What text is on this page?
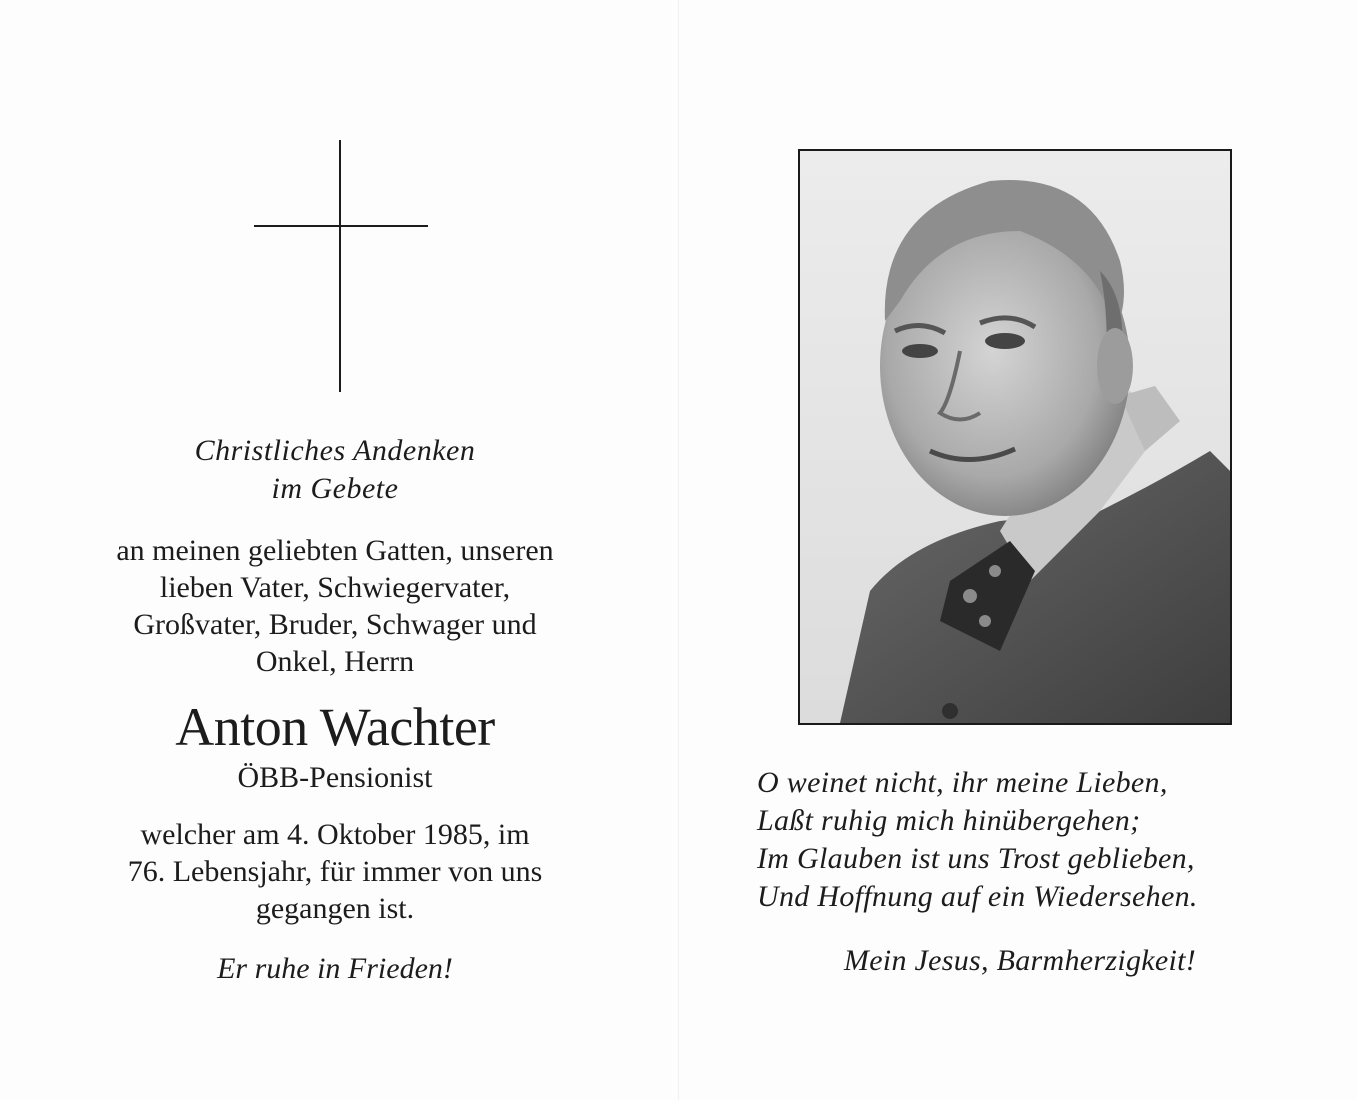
Christliches Andenken
im Gebete
an meinen geliebten Gatten, unseren
lieben Vater, Schwiegervater,
Großvater, Bruder, Schwager und
Onkel, Herrn
Anton Wachter
ÖBB-Pensionist
welcher am 4. Oktober 1985, im
76. Lebensjahr, für immer von uns
gegangen ist.
Er ruhe in Frieden!
O weinet nicht, ihr meine Lieben,
Laßt ruhig mich hinübergehen;
Im Glauben ist uns Trost geblieben,
Und Hoffnung auf ein Wiedersehen.
Mein Jesus, Barmherzigkeit!
